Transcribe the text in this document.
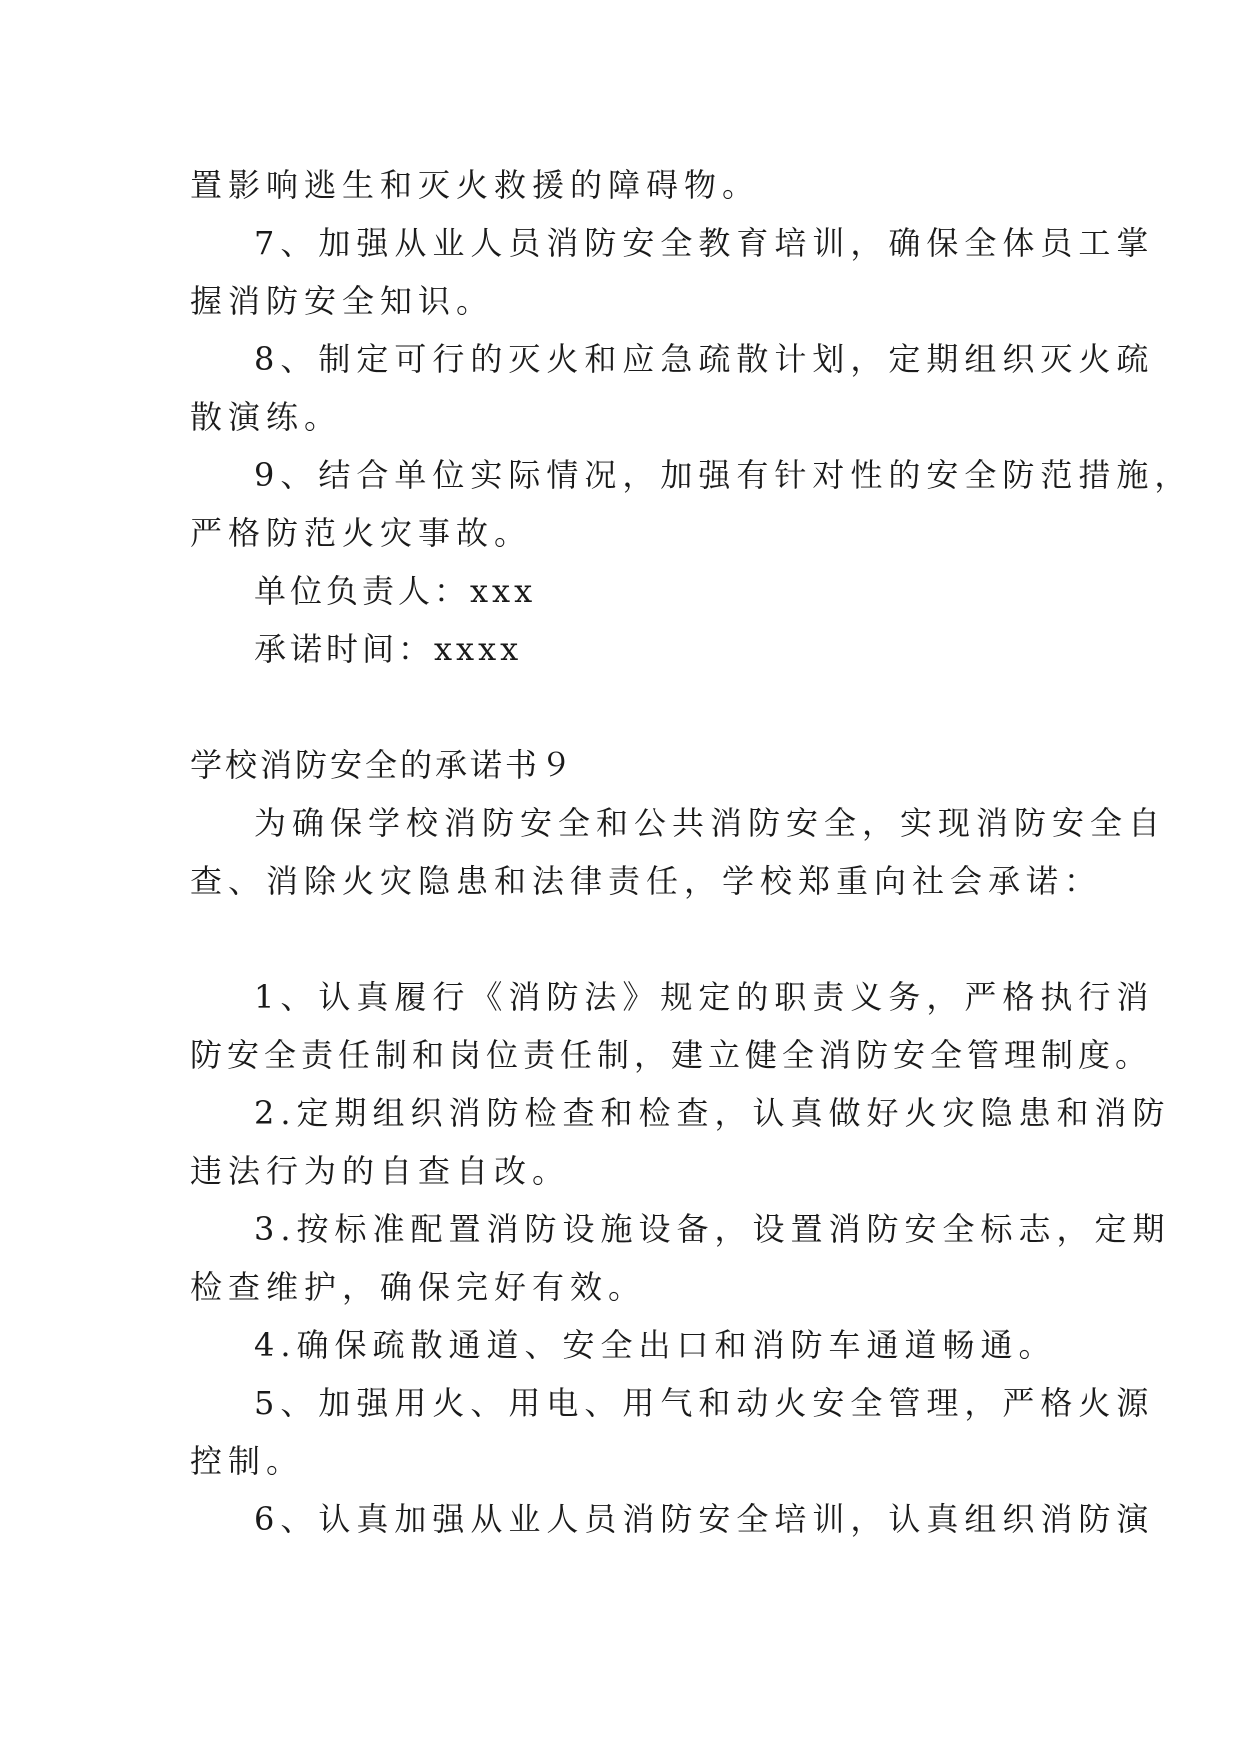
置影响逃生和灭火救援的障碍物。
7、加强从业人员消防安全教育培训，确保全体员工掌
握消防安全知识。
8、制定可行的灭火和应急疏散计划，定期组织灭火疏
散演练。
9、结合单位实际情况，加强有针对性的安全防范措施，
严格防范火灾事故。
单位负责人：xxx
承诺时间：xxxx
学校消防安全的承诺书９
为确保学校消防安全和公共消防安全，实现消防安全自
查、消除火灾隐患和法律责任，学校郑重向社会承诺：
1、认真履行《消防法》规定的职责义务，严格执行消
防安全责任制和岗位责任制，建立健全消防安全管理制度。
2.定期组织消防检查和检查，认真做好火灾隐患和消防
违法行为的自查自改。
3.按标准配置消防设施设备，设置消防安全标志，定期
检查维护，确保完好有效。
4.确保疏散通道、安全出口和消防车通道畅通。
5、加强用火、用电、用气和动火安全管理，严格火源
控制。
6、认真加强从业人员消防安全培训，认真组织消防演
